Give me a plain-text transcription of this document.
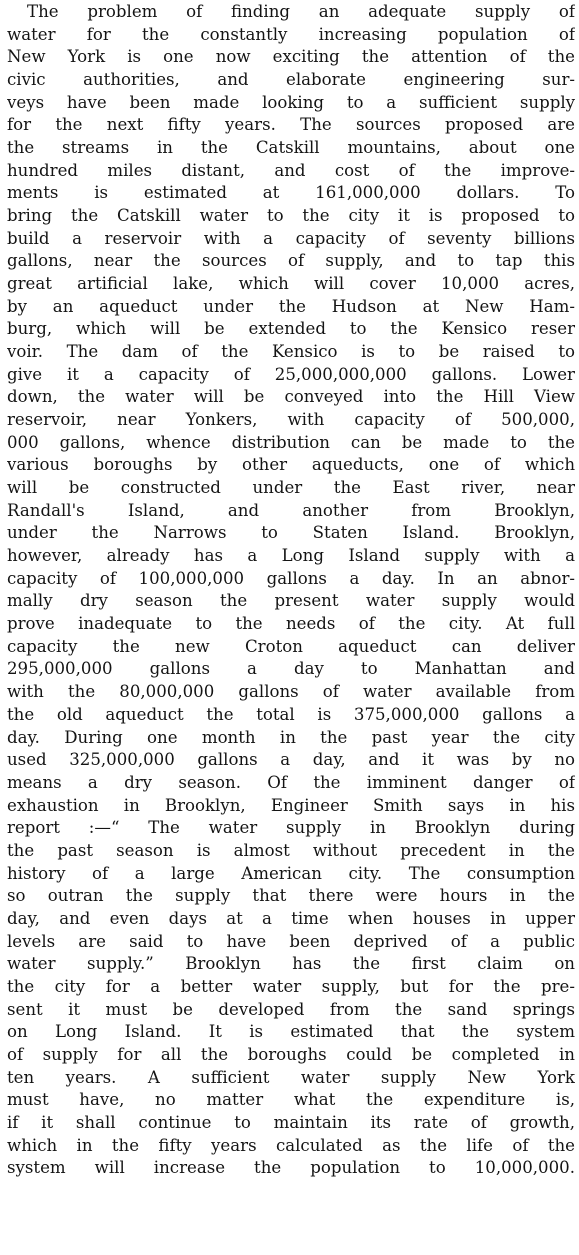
The problem of finding an adequate supply of
water for the constantly increasing population of
New York is one now exciting the attention of the
civic authorities, and elaborate engineering sur-
veys have been made looking to a sufficient supply
for the next fifty years. The sources proposed are
the streams in the Catskill mountains, about one
hundred miles distant, and cost of the improve-
ments is estimated at 161,000,000 dollars. To
bring the Catskill water to the city it is proposed to
build a reservoir with a capacity of seventy billions
gallons, near the sources of supply, and to tap this
great artificial lake, which will cover 10,000 acres,
by an aqueduct under the Hudson at New Ham-
burg, which will be extended to the Kensico reser
voir. The dam of the Kensico is to be raised to
give it a capacity of 25,000,000,000 gallons. Lower
down, the water will be conveyed into the Hill View
reservoir, near Yonkers, with capacity of 500,000,
000 gallons, whence distribution can be made to the
various boroughs by other aqueducts, one of which
will be constructed under the East river, near
Randall's Island, and another from Brooklyn,
under the Narrows to Staten Island. Brooklyn,
however, already has a Long Island supply with a
capacity of 100,000,000 gallons a day. In an abnor-
mally dry season the present water supply would
prove inadequate to the needs of the city. At full
capacity the new Croton aqueduct can deliver
295,000,000 gallons a day to Manhattan and
with the 80,000,000 gallons of water available from
the old aqueduct the total is 375,000,000 gallons a
day. During one month in the past year the city
used 325,000,000 gallons a day, and it was by no
means a dry season. Of the imminent danger of
exhaustion in Brooklyn, Engineer Smith says in his
report :—“ The water supply in Brooklyn during
the past season is almost without precedent in the
history of a large American city. The consumption
so outran the supply that there were hours in the
day, and even days at a time when houses in upper
levels are said to have been deprived of a public
water supply.” Brooklyn has the first claim on
the city for a better water supply, but for the pre-
sent it must be developed from the sand springs
on Long Island. It is estimated that the system
of supply for all the boroughs could be completed in
ten years. A sufficient water supply New York
must have, no matter what the expenditure is,
if it shall continue to maintain its rate of growth,
which in the fifty years calculated as the life of the
system will increase the population to 10,000,000.
